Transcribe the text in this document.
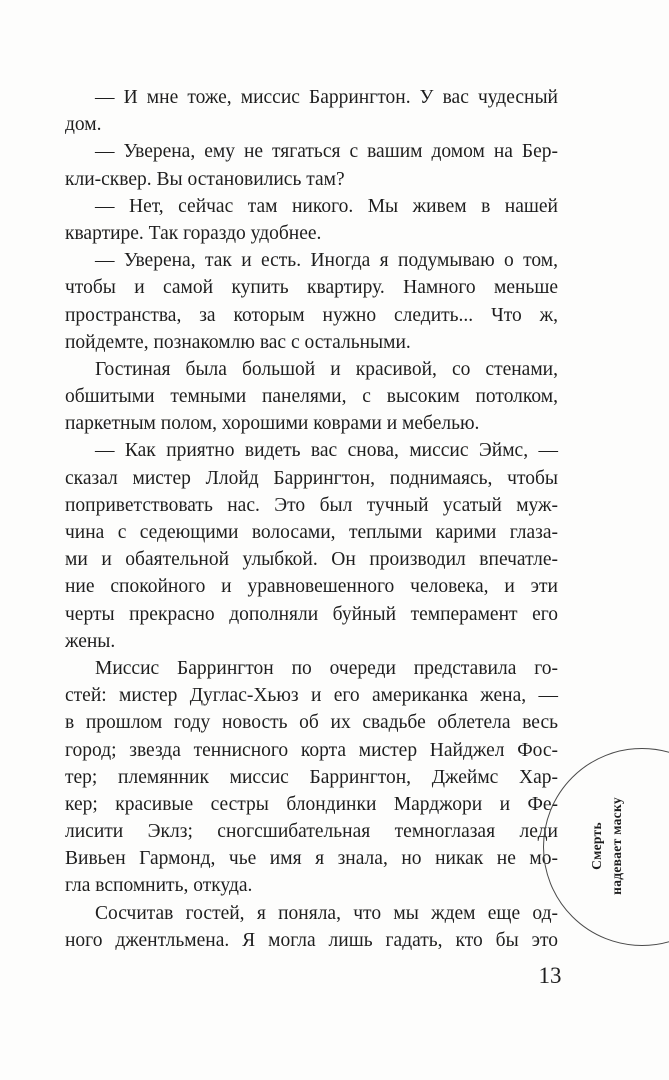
— И мне тоже, миссис Баррингтон. У вас чудесный
дом.
— Уверена, ему не тягаться с вашим домом на Бер-
кли-сквер. Вы остановились там?
— Нет, сейчас там никого. Мы живем в нашей
квартире. Так гораздо удобнее.
— Уверена, так и есть. Иногда я подумываю о том,
чтобы и самой купить квартиру. Намного меньше
пространства, за которым нужно следить... Что ж,
пойдемте, познакомлю вас с остальными.
Гостиная была большой и красивой, со стенами,
обшитыми темными панелями, с высоким потолком,
паркетным полом, хорошими коврами и мебелью.
— Как приятно видеть вас снова, миссис Эймс, —
сказал мистер Ллойд Баррингтон, поднимаясь, чтобы
поприветствовать нас. Это был тучный усатый муж-
чина с седеющими волосами, теплыми карими глаза-
ми и обаятельной улыбкой. Он производил впечатле-
ние спокойного и уравновешенного человека, и эти
черты прекрасно дополняли буйный темперамент его
жены.
Миссис Баррингтон по очереди представила го-
стей: мистер Дуглас-Хьюз и его американка жена, —
в прошлом году новость об их свадьбе облетела весь
город; звезда теннисного корта мистер Найджел Фос-
тер; племянник миссис Баррингтон, Джеймс Хар-
кер; красивые сестры блондинки Марджори и Фе-
лисити Эклз; сногсшибательная темноглазая леди
Вивьен Гармонд, чье имя я знала, но никак не мо-
гла вспомнить, откуда.
Сосчитав гостей, я поняла, что мы ждем еще од-
ного джентльмена. Я могла лишь гадать, кто бы это
Смерть надевает маску
13
